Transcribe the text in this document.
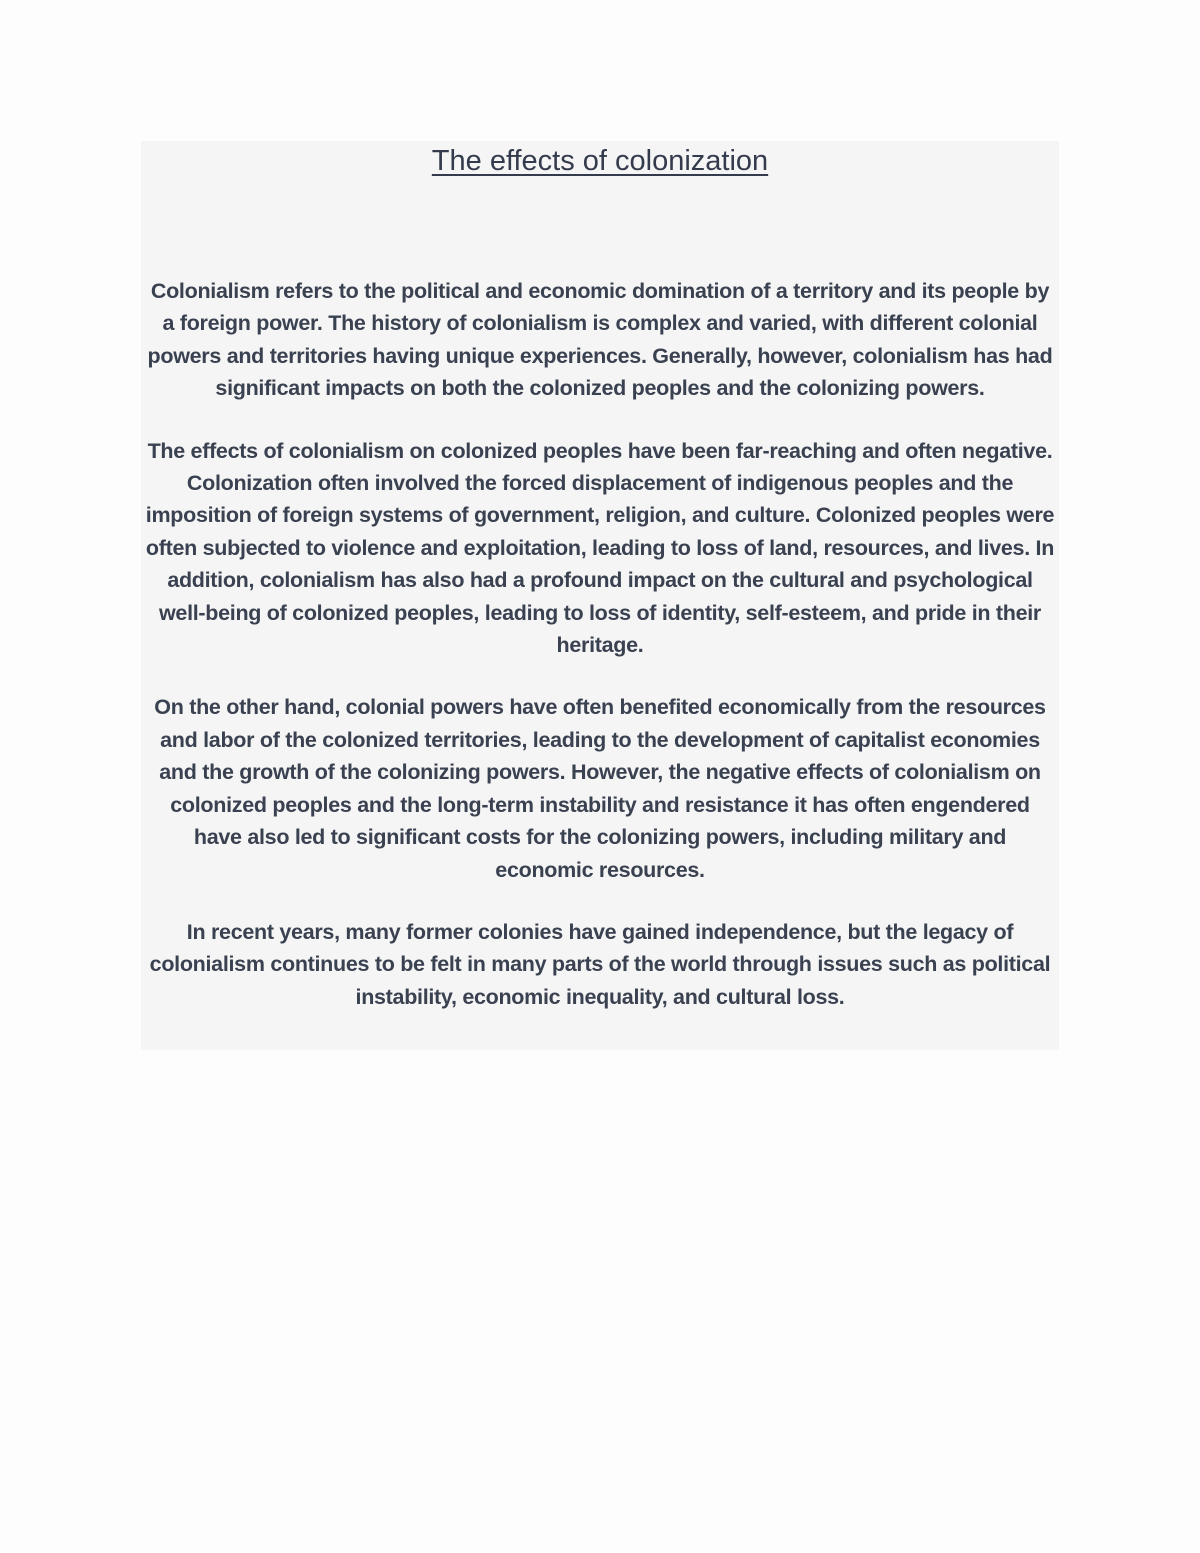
The effects of colonization

Colonialism refers to the political and economic domination of a territory and its people by a foreign power. The history of colonialism is complex and varied, with different colonial powers and territories having unique experiences. Generally, however, colonialism has had significant impacts on both the colonized peoples and the colonizing powers.

The effects of colonialism on colonized peoples have been far-reaching and often negative. Colonization often involved the forced displacement of indigenous peoples and the imposition of foreign systems of government, religion, and culture. Colonized peoples were often subjected to violence and exploitation, leading to loss of land, resources, and lives. In addition, colonialism has also had a profound impact on the cultural and psychological well-being of colonized peoples, leading to loss of identity, self-esteem, and pride in their heritage.

On the other hand, colonial powers have often benefited economically from the resources and labor of the colonized territories, leading to the development of capitalist economies and the growth of the colonizing powers. However, the negative effects of colonialism on colonized peoples and the long-term instability and resistance it has often engendered have also led to significant costs for the colonizing powers, including military and economic resources.

In recent years, many former colonies have gained independence, but the legacy of colonialism continues to be felt in many parts of the world through issues such as political instability, economic inequality, and cultural loss.
